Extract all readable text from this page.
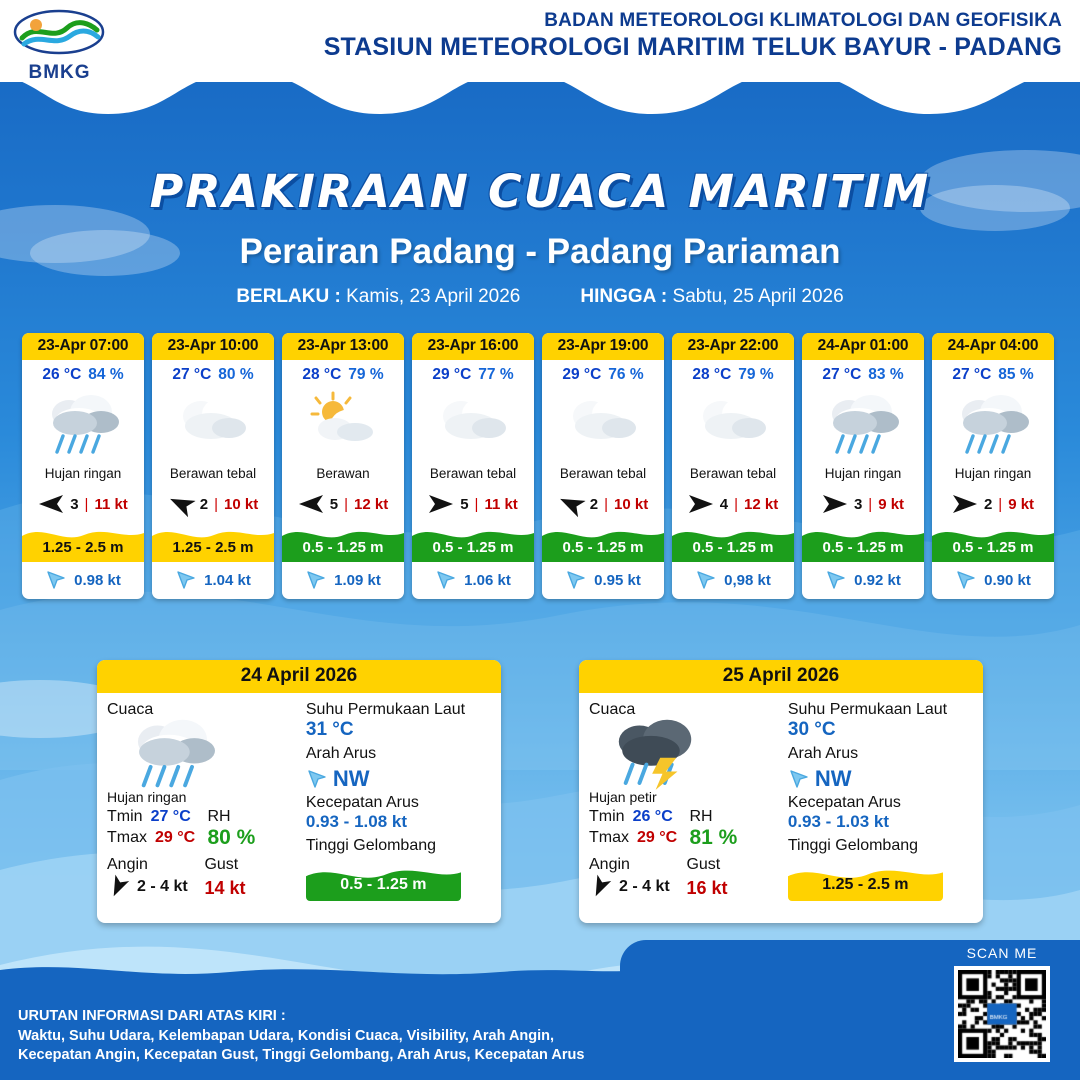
BMKG
BADAN METEOROLOGI KLIMATOLOGI DAN GEOFISIKA
STASIUN METEOROLOGI MARITIM TELUK BAYUR - PADANG
PRAKIRAAN CUACA MARITIM
Perairan Padang - Padang Pariaman
BERLAKU : Kamis, 23 April 2026	HINGGA : Sabtu, 25 April 2026
23-Apr 07:00
26 °C 84 %
Hujan ringan
3 | 11 kt
1.25 - 2.5 m
0.98 kt
23-Apr 10:00
27 °C 80 %
Berawan tebal
2 | 10 kt
1.25 - 2.5 m
1.04 kt
23-Apr 13:00
28 °C 79 %
Berawan
5 | 12 kt
0.5 - 1.25 m
1.09 kt
23-Apr 16:00
29 °C 77 %
Berawan tebal
5 | 11 kt
0.5 - 1.25 m
1.06 kt
23-Apr 19:00
29 °C 76 %
Berawan tebal
2 | 10 kt
0.5 - 1.25 m
0.95 kt
23-Apr 22:00
28 °C 79 %
Berawan tebal
4 | 12 kt
0.5 - 1.25 m
0,98 kt
24-Apr 01:00
27 °C 83 %
Hujan ringan
3 | 9 kt
0.5 - 1.25 m
0.92 kt
24-Apr 04:00
27 °C 85 %
Hujan ringan
2 | 9 kt
0.5 - 1.25 m
0.90 kt
24 April 2026
Cuaca
Hujan ringan
Tmin 27 °C
Tmax 29 °C
RH
80 %
Angin
2 - 4 kt
Gust
14 kt
Suhu Permukaan Laut
31 °C
Arah Arus
NW
Kecepatan Arus
0.93 - 1.08 kt
Tinggi Gelombang
0.5 - 1.25 m
25 April 2026
Cuaca
Hujan petir
Tmin 26 °C
Tmax 29 °C
RH
81 %
Angin
2 - 4 kt
Gust
16 kt
Suhu Permukaan Laut
30 °C
Arah Arus
NW
Kecepatan Arus
0.93 - 1.03 kt
Tinggi Gelombang
1.25 - 2.5 m
URUTAN INFORMASI DARI ATAS KIRI :
Waktu, Suhu Udara, Kelembapan Udara, Kondisi Cuaca, Visibility, Arah Angin,
Kecepatan Angin, Kecepatan Gust, Tinggi Gelombang, Arah Arus, Kecepatan Arus
SCAN ME
